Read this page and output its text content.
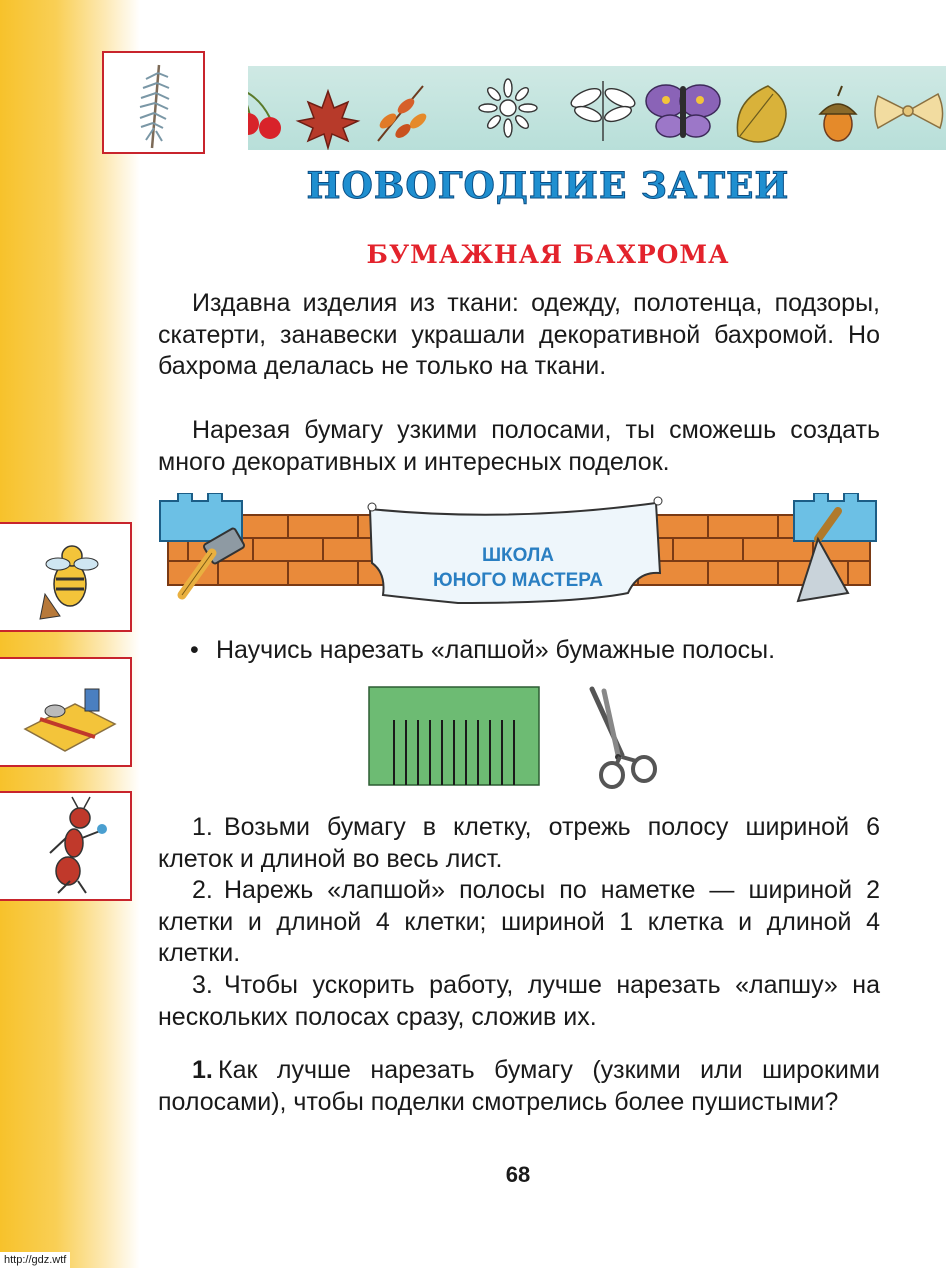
НОВОГОДНИЕ ЗАТЕИ
БУМАЖНАЯ БАХРОМА

Издавна изделия из ткани: одежду, полотенца, подзоры, скатерти, занавески украшали декоративной бахромой. Но бахрома делалась не только на ткани.

Нарезая бумагу узкими полосами, ты сможешь создать много декоративных и интересных поделок.

ШКОЛА
ЮНОГО МАСТЕРА

• Научись нарезать «лапшой» бумажные полосы.

1. Возьми бумагу в клетку, отрежь полосу шириной 6 клеток и длиной во весь лист.

2. Нарежь «лапшой» полосы по наметке — шириной 2 клетки и длиной 4 клетки; шириной 1 клетка и длиной 4 клетки.

3. Чтобы ускорить работу, лучше нарезать «лапшу» на нескольких полосах сразу, сложив их.

1. Как лучше нарезать бумагу (узкими или широкими полосами), чтобы поделки смотрелись более пушистыми?

68
http://gdz.wtf
